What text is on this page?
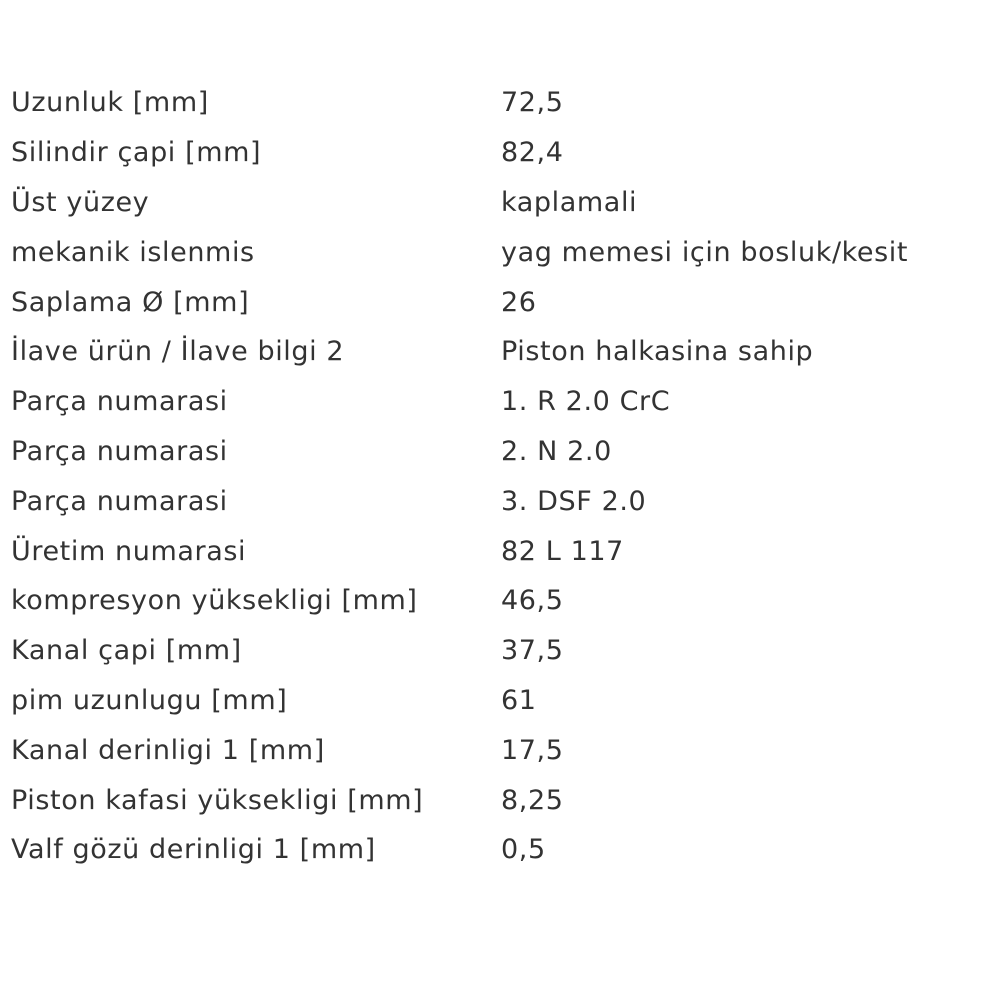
Uzunluk [mm]	72,5
Silindir çapi [mm]	82,4
Üst yüzey	kaplamali
mekanik islenmis	yag memesi için bosluk/kesit
Saplama Ø [mm]	26
İlave ürün / İlave bilgi 2	Piston halkasina sahip
Parça numarasi	1. R 2.0 CrC
Parça numarasi	2. N 2.0
Parça numarasi	3. DSF 2.0
Üretim numarasi	82 L 117
kompresyon yüksekligi [mm]	46,5
Kanal çapi [mm]	37,5
pim uzunlugu [mm]	61
Kanal derinligi 1 [mm]	17,5
Piston kafasi yüksekligi [mm]	8,25
Valf gözü derinligi 1 [mm]	0,5
